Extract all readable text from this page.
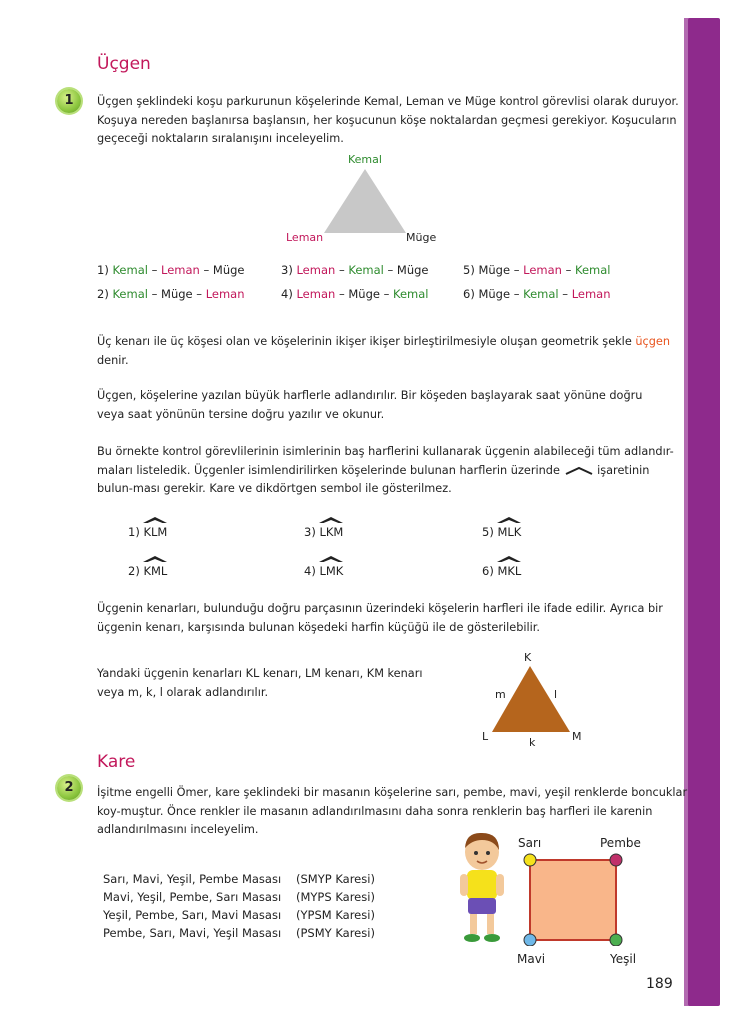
Üçgen
1	Üçgen şeklindeki koşu parkurunun köşelerinde Kemal, Leman ve Müge kontrol görevlisi olarak duruyor. Koşuya nereden başlanırsa başlansın, her koşucunun köşe noktalardan geçmesi gerekiyor. Koşucuların geçeceği noktaların sıralanışını inceleyelim.
Kemal
Leman	Müge
1) Kemal – Leman – Müge	3) Leman – Kemal – Müge	5) Müge – Leman – Kemal
2) Kemal – Müge – Leman	4) Leman – Müge – Kemal	6) Müge – Kemal – Leman
Üç kenarı ile üç köşesi olan ve köşelerinin ikişer ikişer birleştirilmesiyle oluşan geometrik şekle üçgen denir.
Üçgen, köşelerine yazılan büyük harflerle adlandırılır. Bir köşeden başlayarak saat yönüne doğru veya saat yönünün tersine doğru yazılır ve okunur.
Bu örnekte kontrol görevlilerinin isimlerinin baş harflerini kullanarak üçgenin alabileceği tüm adlandır-maları listeledik. Üçgenler isimlendirilirken köşelerinde bulunan harflerin üzerinde	işaretinin bulun-ması gerekir. Kare ve dikdörtgen sembol ile gösterilmez.
1) KLM	3) LKM	5) MLK
2) KML	4) LMK	6) MKL
Üçgenin kenarları, bulunduğu doğru parçasının üzerindeki köşelerin harfleri ile ifade edilir. Ayrıca bir üçgenin kenarı, karşısında bulunan köşedeki harfin küçüğü ile de gösterilebilir.
Yandaki üçgenin kenarları KL kenarı, LM kenarı, KM kenarı veya m, k, l olarak adlandırılır.
K
L	M
m	l
k
Kare
2	İşitme engelli Ömer, kare şeklindeki bir masanın köşelerine sarı, pembe, mavi, yeşil renklerde boncuklar koy-muştur. Önce renkler ile masanın adlandırılmasını daha sonra renklerin baş harfleri ile karenin adlandırılmasını inceleyelim.
Sarı, Mavi, Yeşil, Pembe Masası (SMYP Karesi)
Mavi, Yeşil, Pembe, Sarı Masası (MYPS Karesi)
Yeşil, Pembe, Sarı, Mavi Masası (YPSM Karesi)
Pembe, Sarı, Mavi, Yeşil Masası (PSMY Karesi)
Sarı	Pembe
Mavi	Yeşil
189
